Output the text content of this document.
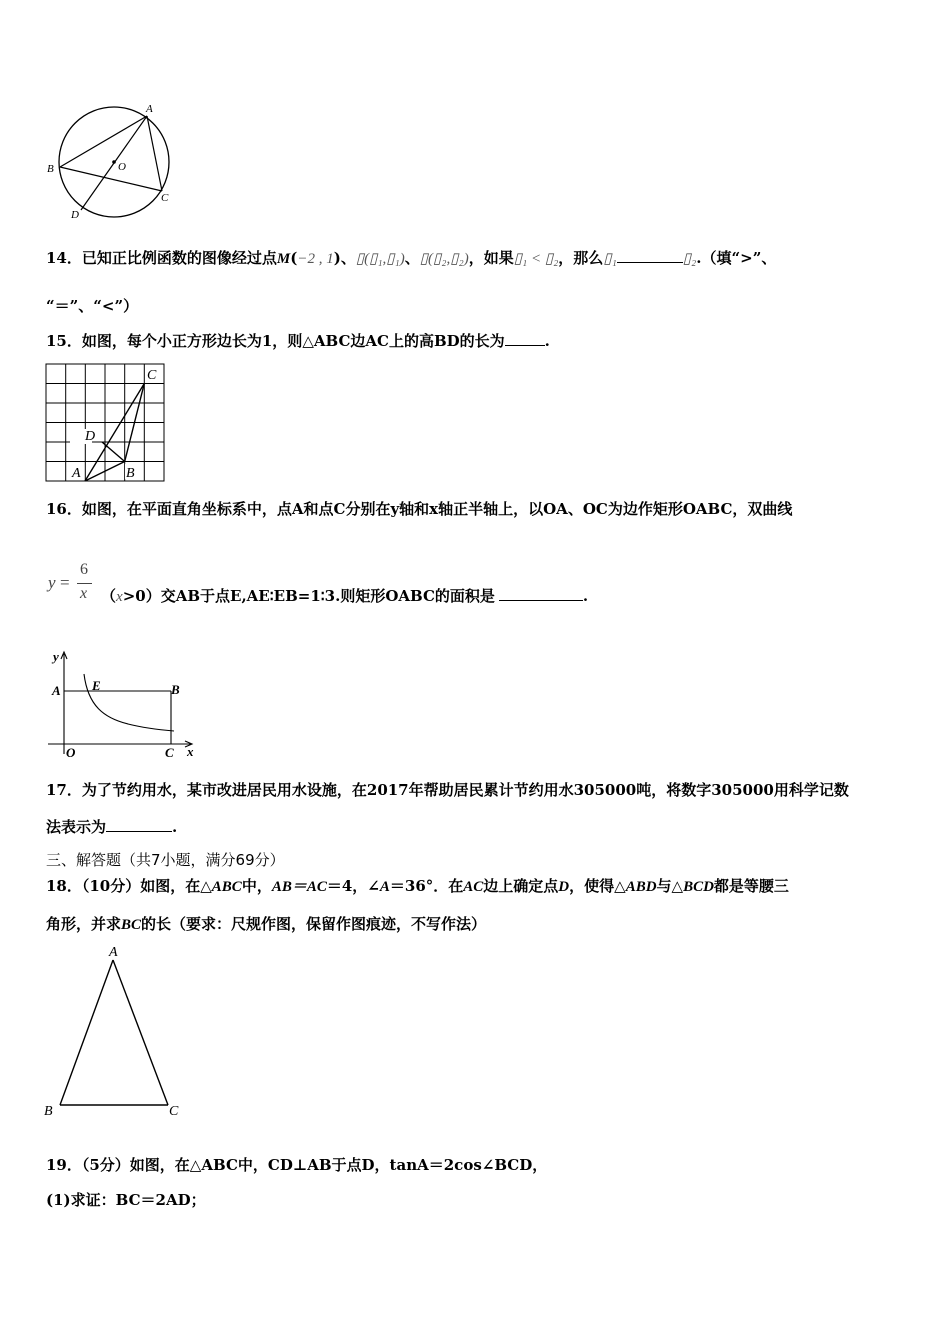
A
B
C
D
O
14．已知正比例函数的图像经过点M(−2 , 1)、▯(▯₁,▯₁)、▯(▯₂,▯₂)，如果▯₁ < ▯₂，那么▯₁	▯₂.（填“>”、
“＝”、“<”）
15．如图，每个小正方形边长为1，则△ABC边AC上的高BD的长为	.
D
C
A	B
16．如图，在平面直角坐标系中，点A和点C分别在y轴和x轴正半轴上，以OA、OC为边作矩形OABC，双曲线
y =
6
x （x>0）交AB于点E,AE∶EB=1∶3.则矩形OABC的面积是	.
y
A E	B
O	C x
17．为了节约用水，某市改进居民用水设施，在2017年帮助居民累计节约用水305000吨，将数字305000用科学记数
法表示为	.
三、解答题（共7小题，满分69分）
18．（10分）如图，在△ABC中，AB＝AC＝4，∠A＝36°．在AC边上确定点D，使得△ABD与△BCD都是等腰三
角形，并求BC的长（要求：尺规作图，保留作图痕迹，不写作法）
A
B	C
19．（5分）如图，在△ABC中，CD⊥AB于点D，tanA＝2cos∠BCD，
(1)求证：BC＝2AD；
